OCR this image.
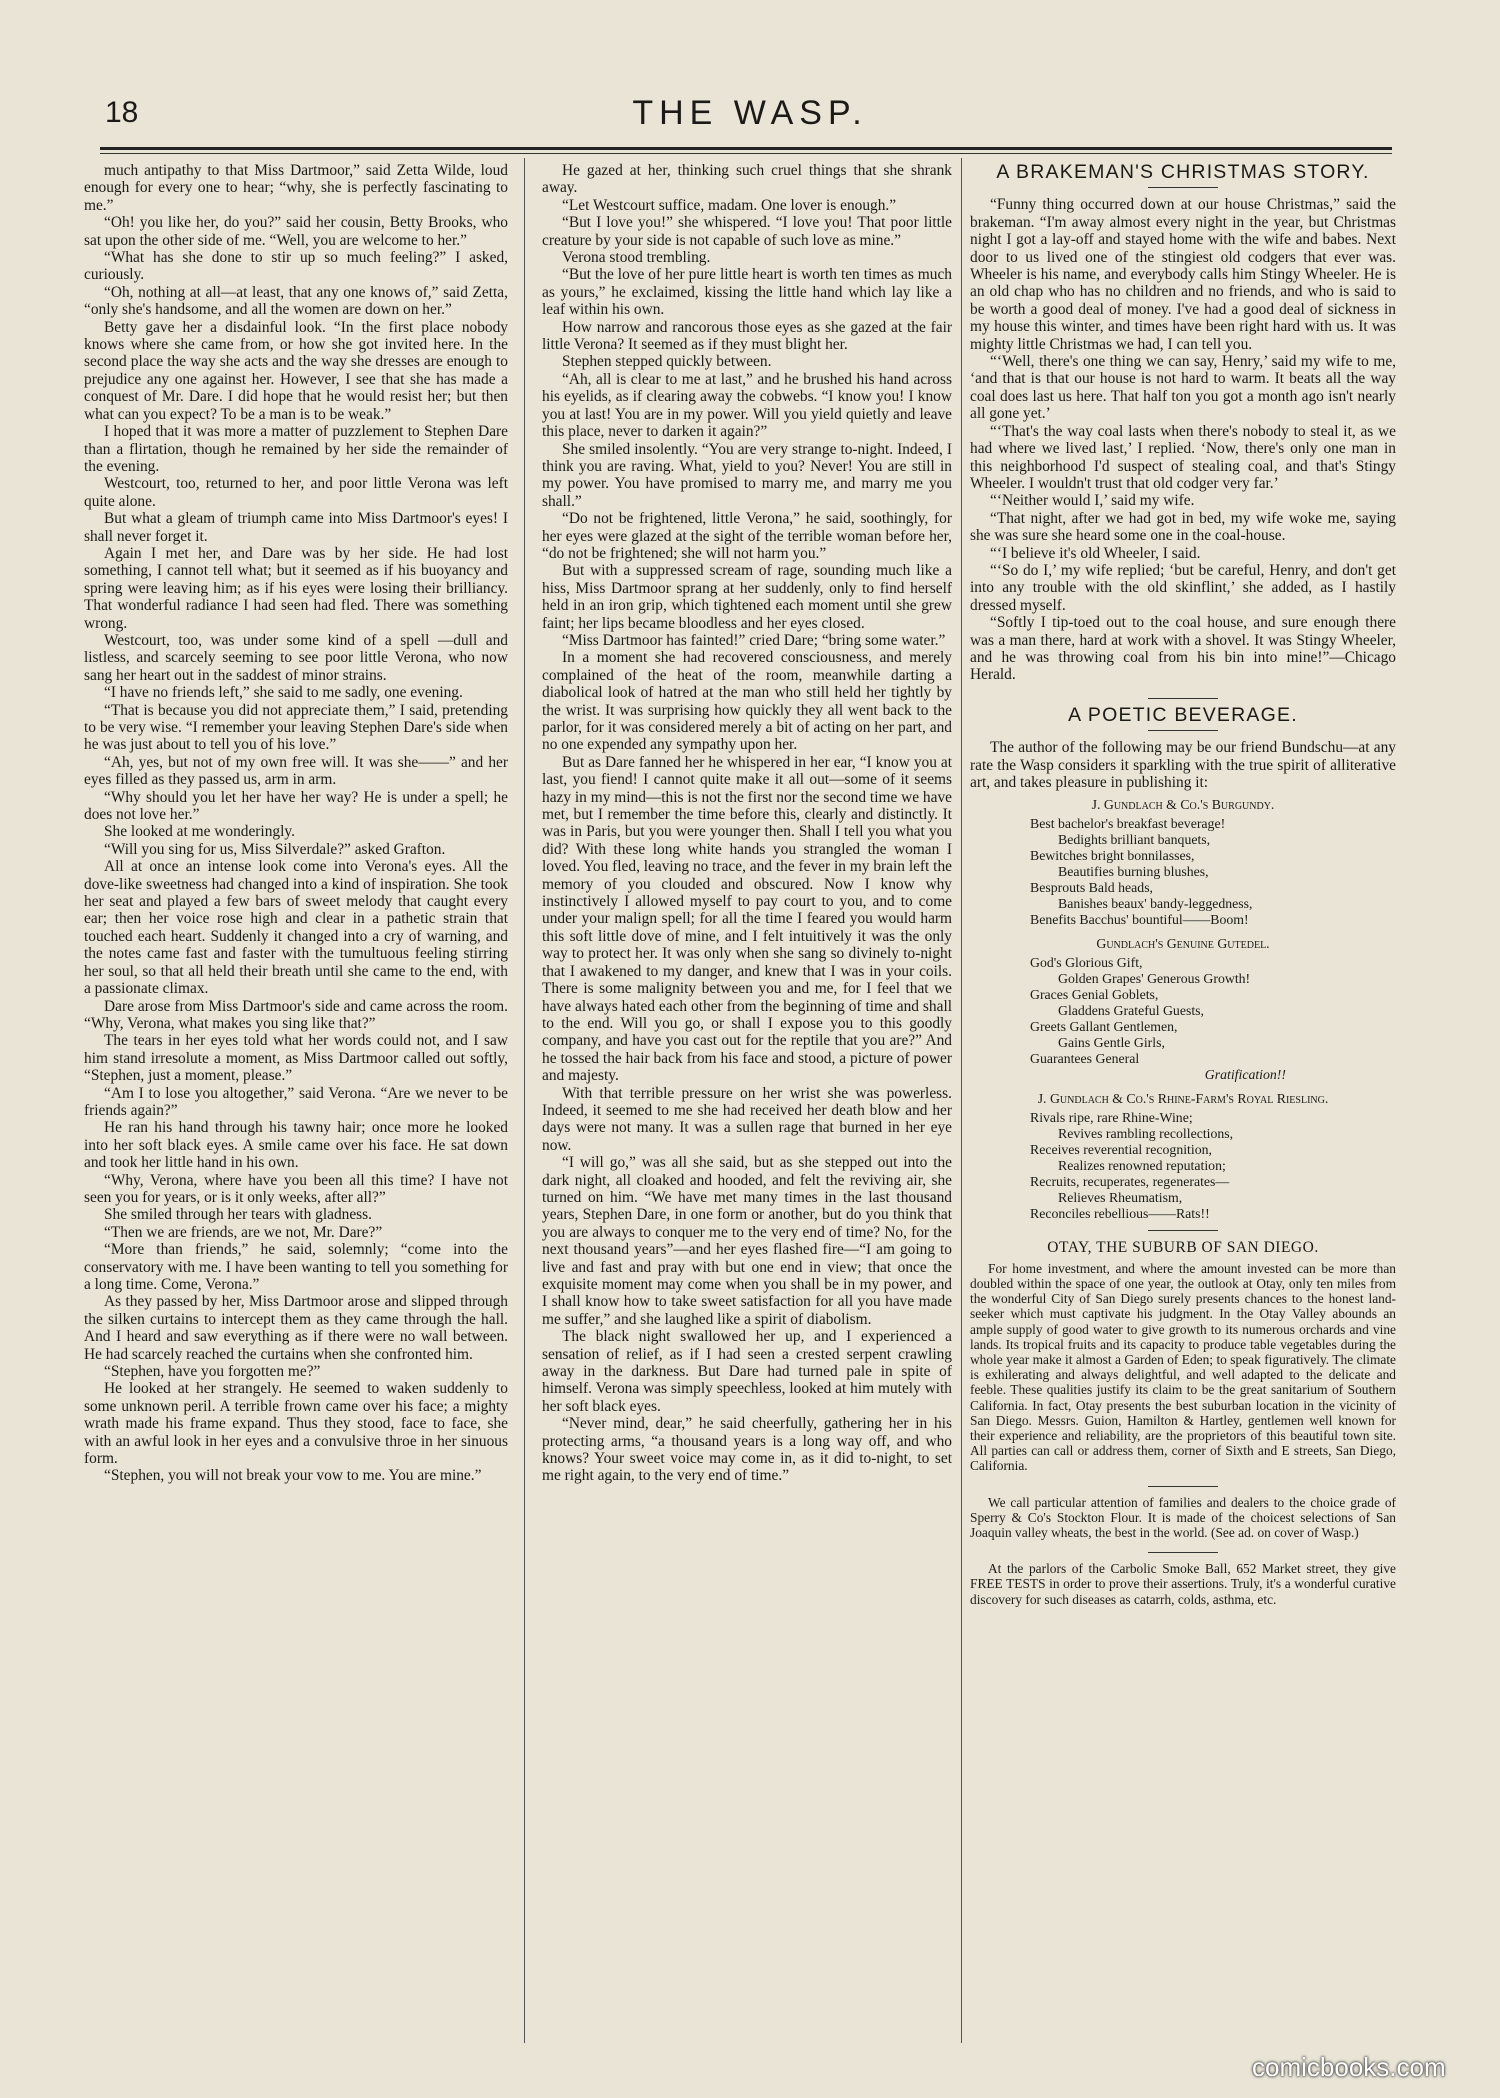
18	THE WASP.

much antipathy to that Miss Dartmoor,” said Zetta Wilde, loud enough for every one to hear; “why, she is perfectly fascinating to me.”

“Oh! you like her, do you?” said her cousin, Betty Brooks, who sat upon the other side of me. “Well, you are welcome to her.”

“What has she done to stir up so much feeling?” I asked, curiously.

“Oh, nothing at all—at least, that any one knows of,” said Zetta, “only she's handsome, and all the women are down on her.”

Betty gave her a disdainful look. “In the first place nobody knows where she came from, or how she got invited here. In the second place the way she acts and the way she dresses are enough to prejudice any one against her. However, I see that she has made a conquest of Mr. Dare. I did hope that he would resist her; but then what can you expect? To be a man is to be weak.”

I hoped that it was more a matter of puzzlement to Stephen Dare than a flirtation, though he remained by her side the remainder of the evening.

Westcourt, too, returned to her, and poor little Verona was left quite alone.

But what a gleam of triumph came into Miss Dartmoor's eyes! I shall never forget it.

Again I met her, and Dare was by her side. He had lost something, I cannot tell what; but it seemed as if his buoyancy and spring were leaving him; as if his eyes were losing their brilliancy. That wonderful radiance I had seen had fled. There was something wrong.

Westcourt, too, was under some kind of a spell —dull and listless, and scarcely seeming to see poor little Verona, who now sang her heart out in the saddest of minor strains.

“I have no friends left,” she said to me sadly, one evening.

“That is because you did not appreciate them,” I said, pretending to be very wise. “I remember your leaving Stephen Dare's side when he was just about to tell you of his love.”

“Ah, yes, but not of my own free will. It was she——” and her eyes filled as they passed us, arm in arm.

“Why should you let her have her way? He is under a spell; he does not love her.”

She looked at me wonderingly.

“Will you sing for us, Miss Silverdale?” asked Grafton.

All at once an intense look come into Verona's eyes. All the dove-like sweetness had changed into a kind of inspiration. She took her seat and played a few bars of sweet melody that caught every ear; then her voice rose high and clear in a pathetic strain that touched each heart. Suddenly it changed into a cry of warning, and the notes came fast and faster with the tumultuous feeling stirring her soul, so that all held their breath until she came to the end, with a passionate climax.

Dare arose from Miss Dartmoor's side and came across the room. “Why, Verona, what makes you sing like that?”

The tears in her eyes told what her words could not, and I saw him stand irresolute a moment, as Miss Dartmoor called out softly, “Stephen, just a moment, please.”

“Am I to lose you altogether,” said Verona. “Are we never to be friends again?”

He ran his hand through his tawny hair; once more he looked into her soft black eyes. A smile came over his face. He sat down and took her little hand in his own.

“Why, Verona, where have you been all this time? I have not seen you for years, or is it only weeks, after all?”

She smiled through her tears with gladness.

“Then we are friends, are we not, Mr. Dare?”

“More than friends,” he said, solemnly; “come into the conservatory with me. I have been wanting to tell you something for a long time. Come, Verona.”

As they passed by her, Miss Dartmoor arose and slipped through the silken curtains to intercept them as they came through the hall. And I heard and saw everything as if there were no wall between. He had scarcely reached the curtains when she confronted him.

“Stephen, have you forgotten me?”

He looked at her strangely. He seemed to waken suddenly to some unknown peril. A terrible frown came over his face; a mighty wrath made his frame expand. Thus they stood, face to face, she with an awful look in her eyes and a convulsive throe in her sinuous form.

“Stephen, you will not break your vow to me. You are mine.”

He gazed at her, thinking such cruel things that she shrank away.

“Let Westcourt suffice, madam. One lover is enough.”

“But I love you!” she whispered. “I love you! That poor little creature by your side is not capable of such love as mine.”

Verona stood trembling.

“But the love of her pure little heart is worth ten times as much as yours,” he exclaimed, kissing the little hand which lay like a leaf within his own.

How narrow and rancorous those eyes as she gazed at the fair little Verona? It seemed as if they must blight her.

Stephen stepped quickly between.

“Ah, all is clear to me at last,” and he brushed his hand across his eyelids, as if clearing away the cobwebs. “I know you! I know you at last! You are in my power. Will you yield quietly and leave this place, never to darken it again?”

She smiled insolently. “You are very strange to-night. Indeed, I think you are raving. What, yield to you? Never! You are still in my power. You have promised to marry me, and marry me you shall.”

“Do not be frightened, little Verona,” he said, soothingly, for her eyes were glazed at the sight of the terrible woman before her, “do not be frightened; she will not harm you.”

But with a suppressed scream of rage, sounding much like a hiss, Miss Dartmoor sprang at her suddenly, only to find herself held in an iron grip, which tightened each moment until she grew faint; her lips became bloodless and her eyes closed.

“Miss Dartmoor has fainted!” cried Dare; “bring some water.”

In a moment she had recovered consciousness, and merely complained of the heat of the room, meanwhile darting a diabolical look of hatred at the man who still held her tightly by the wrist. It was surprising how quickly they all went back to the parlor, for it was considered merely a bit of acting on her part, and no one expended any sympathy upon her.

But as Dare fanned her he whispered in her ear, “I know you at last, you fiend! I cannot quite make it all out—some of it seems hazy in my mind—this is not the first nor the second time we have met, but I remember the time before this, clearly and distinctly. It was in Paris, but you were younger then. Shall I tell you what you did? With these long white hands you strangled the woman I loved. You fled, leaving no trace, and the fever in my brain left the memory of you clouded and obscured. Now I know why instinctively I allowed myself to pay court to you, and to come under your malign spell; for all the time I feared you would harm this soft little dove of mine, and I felt intuitively it was the only way to protect her. It was only when she sang so divinely to-night that I awakened to my danger, and knew that I was in your coils. There is some malignity between you and me, for I feel that we have always hated each other from the beginning of time and shall to the end. Will you go, or shall I expose you to this goodly company, and have you cast out for the reptile that you are?” And he tossed the hair back from his face and stood, a picture of power and majesty.

With that terrible pressure on her wrist she was powerless. Indeed, it seemed to me she had received her death blow and her days were not many. It was a sullen rage that burned in her eye now.

“I will go,” was all she said, but as she stepped out into the dark night, all cloaked and hooded, and felt the reviving air, she turned on him. “We have met many times in the last thousand years, Stephen Dare, in one form or another, but do you think that you are always to conquer me to the very end of time? No, for the next thousand years”—and her eyes flashed fire—“I am going to live and fast and pray with but one end in view; that once the exquisite moment may come when you shall be in my power, and I shall know how to take sweet satisfaction for all you have made me suffer,” and she laughed like a spirit of diabolism.

The black night swallowed her up, and I experienced a sensation of relief, as if I had seen a crested serpent crawling away in the darkness. But Dare had turned pale in spite of himself. Verona was simply speechless, looked at him mutely with her soft black eyes.

“Never mind, dear,” he said cheerfully, gathering her in his protecting arms, “a thousand years is a long way off, and who knows? Your sweet voice may come in, as it did to-night, to set me right again, to the very end of time.”

A BRAKEMAN'S CHRISTMAS STORY.

“Funny thing occurred down at our house Christmas,” said the brakeman. “I'm away almost every night in the year, but Christmas night I got a lay-off and stayed home with the wife and babes. Next door to us lived one of the stingiest old codgers that ever was. Wheeler is his name, and everybody calls him Stingy Wheeler. He is an old chap who has no children and no friends, and who is said to be worth a good deal of money. I've had a good deal of sickness in my house this winter, and times have been right hard with us. It was mighty little Christmas we had, I can tell you.

“‘Well, there's one thing we can say, Henry,’ said my wife to me, ‘and that is that our house is not hard to warm. It beats all the way coal does last us here. That half ton you got a month ago isn't nearly all gone yet.’

“‘That's the way coal lasts when there's nobody to steal it, as we had where we lived last,’ I replied. ‘Now, there's only one man in this neighborhood I'd suspect of stealing coal, and that's Stingy Wheeler. I wouldn't trust that old codger very far.’

“‘Neither would I,’ said my wife.

“That night, after we had got in bed, my wife woke me, saying she was sure she heard some one in the coal-house.

“‘I believe it's old Wheeler, I said.

“‘So do I,’ my wife replied; ‘but be careful, Henry, and don't get into any trouble with the old skinflint,’ she added, as I hastily dressed myself.

“Softly I tip-toed out to the coal house, and sure enough there was a man there, hard at work with a shovel. It was Stingy Wheeler, and he was throwing coal from his bin into mine!”—Chicago Herald.

A POETIC BEVERAGE.

The author of the following may be our friend Bundschu—at any rate the Wasp considers it sparkling with the true spirit of alliterative art, and takes pleasure in publishing it:

J. Gundlach & Co.'s Burgundy.
Best bachelor's breakfast beverage!
Bedights brilliant banquets,
Bewitches bright bonnilasses,
Beautifies burning blushes,
Besprouts Bald heads,
Banishes beaux' bandy-leggedness,
Benefits Bacchus' bountiful——Boom!
Gundlach's Genuine Gutedel.
God's Glorious Gift,
Golden Grapes' Generous Growth!
Graces Genial Goblets,
Gladdens Grateful Guests,
Greets Gallant Gentlemen,
Gains Gentle Girls,
Guarantees General
Gratification!!
J. Gundlach & Co.'s Rhine-Farm's Royal Riesling.
Rivals ripe, rare Rhine-Wine;
Revives rambling recollections,
Receives reverential recognition,
Realizes renowned reputation;
Recruits, recuperates, regenerates—
Relieves Rheumatism,
Reconciles rebellious——Rats!!
OTAY, THE SUBURB OF SAN DIEGO.

For home investment, and where the amount invested can be more than doubled within the space of one year, the outlook at Otay, only ten miles from the wonderful City of San Diego surely presents chances to the honest land-seeker which must captivate his judgment. In the Otay Valley abounds an ample supply of good water to give growth to its numerous orchards and vine lands. Its tropical fruits and its capacity to produce table vegetables during the whole year make it almost a Garden of Eden; to speak figuratively. The climate is exhilerating and always delightful, and well adapted to the delicate and feeble. These qualities justify its claim to be the great sanitarium of Southern California. In fact, Otay presents the best suburban location in the vicinity of San Diego. Messrs. Guion, Hamilton & Hartley, gentlemen well known for their experience and reliability, are the proprietors of this beautiful town site. All parties can call or address them, corner of Sixth and E streets, San Diego, California.

We call particular attention of families and dealers to the choice grade of Sperry & Co's Stockton Flour. It is made of the choicest selections of San Joaquin valley wheats, the best in the world. (See ad. on cover of Wasp.)

At the parlors of the Carbolic Smoke Ball, 652 Market street, they give FREE TESTS in order to prove their assertions. Truly, it's a wonderful curative discovery for such diseases as catarrh, colds, asthma, etc.

comicbooks.com
